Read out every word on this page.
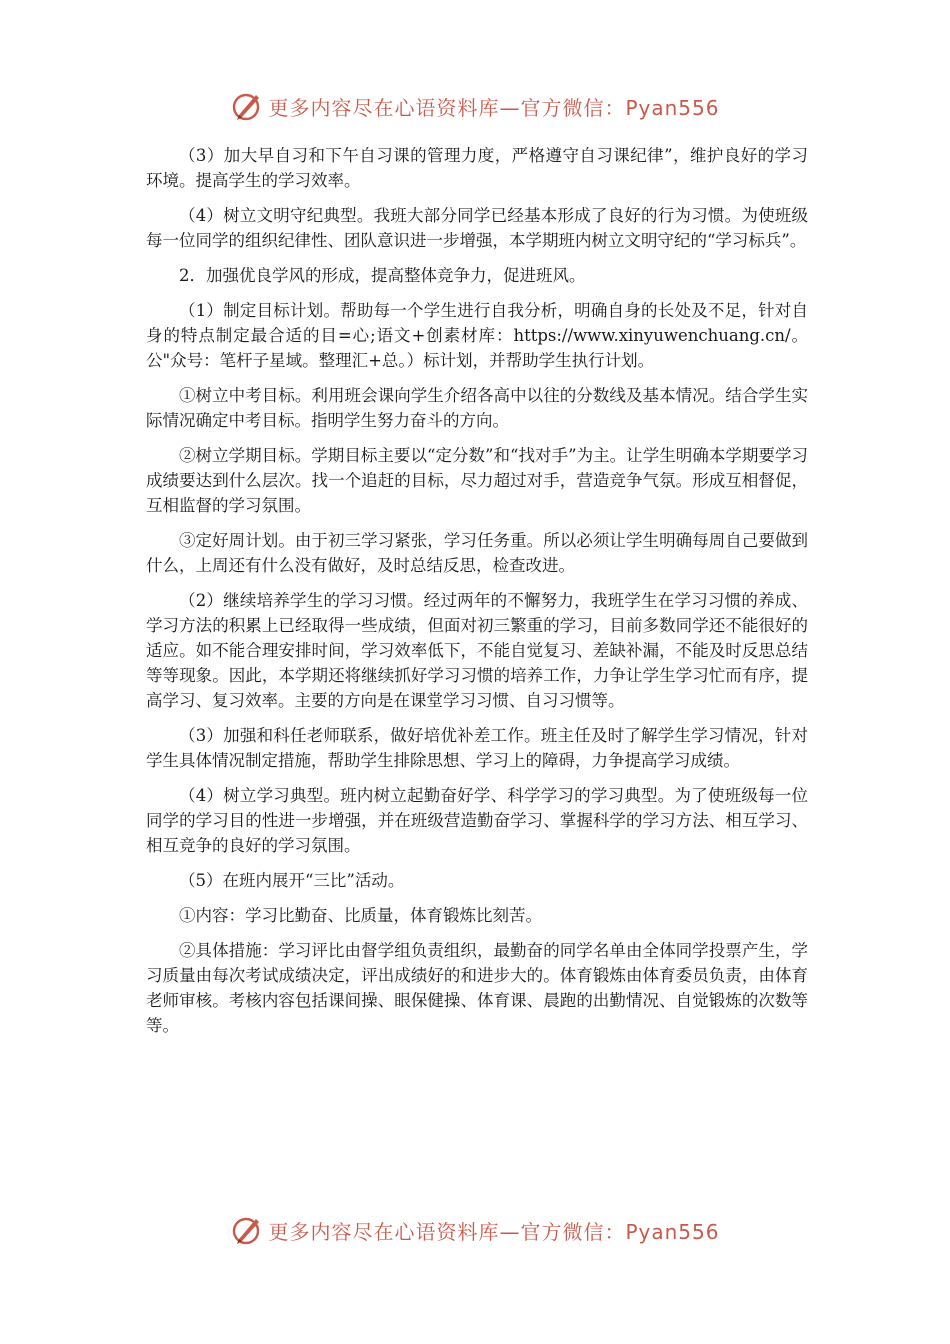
更多内容尽在心语资料库—官方微信：Pyan556

（3）加大早自习和下午自习课的管理力度，严格遵守自习课纪律”，维护良好的学习环境。提高学生的学习效率。

（4）树立文明守纪典型。我班大部分同学已经基本形成了良好的行为习惯。为使班级每一位同学的组织纪律性、团队意识进一步增强，本学期班内树立文明守纪的“学习标兵”。

2．加强优良学风的形成，提高整体竞争力，促进班风。

（1）制定目标计划。帮助每一个学生进行自我分析，明确自身的长处及不足，针对自身的特点制定最合适的目=心;语文+创素材库：https://www.xinyuwenchuang.cn/。公"众号：笔杆子星域。整理汇+总。）标计划，并帮助学生执行计划。

①树立中考目标。利用班会课向学生介绍各高中以往的分数线及基本情况。结合学生实际情况确定中考目标。指明学生努力奋斗的方向。

②树立学期目标。学期目标主要以“定分数”和“找对手”为主。让学生明确本学期要学习成绩要达到什么层次。找一个追赶的目标，尽力超过对手，营造竞争气氛。形成互相督促，互相监督的学习氛围。

③定好周计划。由于初三学习紧张，学习任务重。所以必须让学生明确每周自己要做到什么，上周还有什么没有做好，及时总结反思，检查改进。

（2）继续培养学生的学习习惯。经过两年的不懈努力，我班学生在学习习惯的养成、学习方法的积累上已经取得一些成绩，但面对初三繁重的学习，目前多数同学还不能很好的适应。如不能合理安排时间，学习效率低下，不能自觉复习、差缺补漏，不能及时反思总结等等现象。因此，本学期还将继续抓好学习习惯的培养工作，力争让学生学习忙而有序，提高学习、复习效率。主要的方向是在课堂学习习惯、自习习惯等。

（3）加强和科任老师联系，做好培优补差工作。班主任及时了解学生学习情况，针对学生具体情况制定措施，帮助学生排除思想、学习上的障碍，力争提高学习成绩。

（4）树立学习典型。班内树立起勤奋好学、科学学习的学习典型。为了使班级每一位同学的学习目的性进一步增强，并在班级营造勤奋学习、掌握科学的学习方法、相互学习、相互竞争的良好的学习氛围。

（5）在班内展开“三比”活动。

①内容：学习比勤奋、比质量，体育锻炼比刻苦。

②具体措施：学习评比由督学组负责组织，最勤奋的同学名单由全体同学投票产生，学习质量由每次考试成绩决定，评出成绩好的和进步大的。体育锻炼由体育委员负责，由体育老师审核。考核内容包括课间操、眼保健操、体育课、晨跑的出勤情况、自觉锻炼的次数等等。

更多内容尽在心语资料库—官方微信：Pyan556
